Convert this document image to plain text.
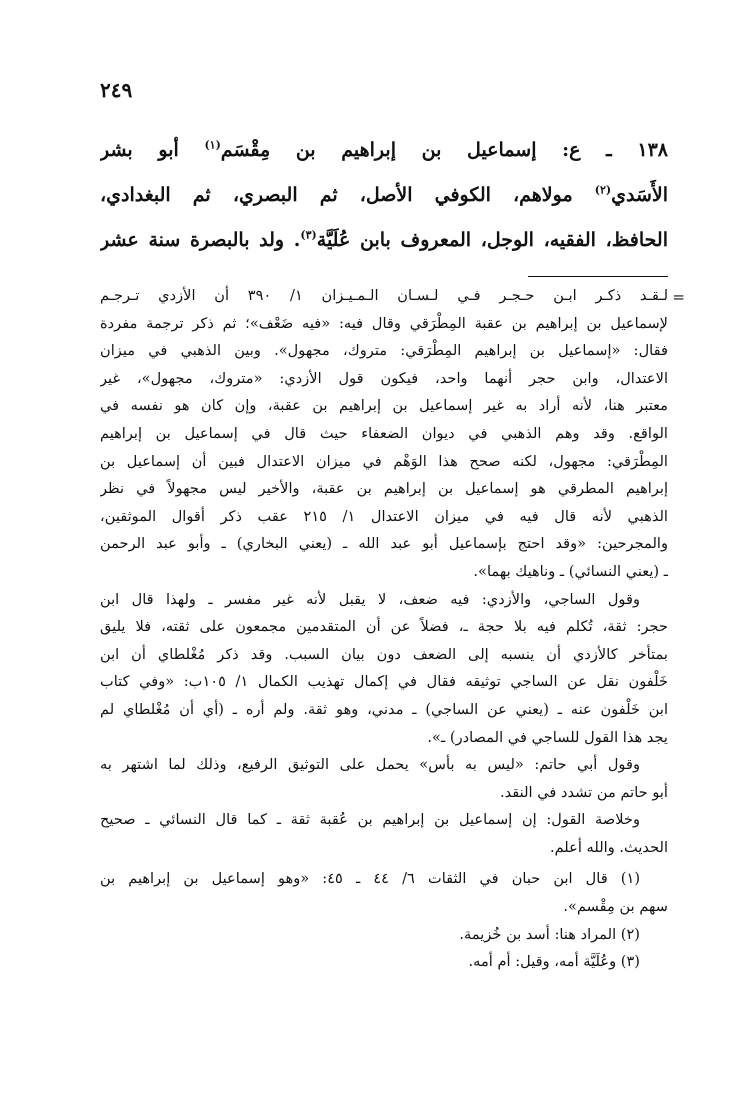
٢٤٩
١٣٨ ـ ع: إسماعيل بن إبراهيم بن مِقْسَم$^{(١)}$ أبو بشر
الأَسَدي$^{(٢)}$ مولاهم، الكوفي الأصل، ثم البصري، ثم البغدادي،
الحافظ، الفقيه، الوجل، المعروف بابن عُلَيَّة$^{(٣)}$. ولد بالبصرة سنة عشر
=
لـقـد ذكـر ابـن حـجـر فـي لـسـان الـمـيـزان ١/ ٣٩٠ أن الأزدي تـرجـم
لإسماعيل بن إبراهيم بن عقبة المِطْرَقي وقال فيه: «فيه ضَعْف»؛ ثم ذكر ترجمة مفردة
فقال: «إسماعيل بن إبراهيم المِطْرَقي: متروك، مجهول». وبين الذهبي في ميزان
الاعتدال، وابن حجر أنهما واحد، فيكون قول الأزدي: «متروك، مجهول»، غير
معتبر هنا، لأنه أراد به غير إسماعيل بن إبراهيم بن عقبة، وإن كان هو نفسه في
الواقع. وقد وهم الذهبي في ديوان الضعفاء حيث قال في إسماعيل بن إبراهيم
المِطْرَقي: مجهول، لكنه صحح هذا الوَهْم في ميزان الاعتدال فبين أن إسماعيل بن
إبراهيم المطرقي هو إسماعيل بن إبراهيم بن عقبة، والأخير ليس مجهولاً في نظر
الذهبي لأنه قال فيه في ميزان الاعتدال ١/ ٢١٥ عقب ذكر أقوال الموثقين،
والمجرحين: «وقد احتج بإسماعيل أبو عبد الله ـ (يعني البخاري) ـ وأبو عبد الرحمن
ـ (يعني النسائي) ـ وناهيك بهما».
وقول الساجي، والأزدي: فيه ضعف، لا يقبل لأنه غير مفسر ـ ولهذا قال ابن
حجر: ثقة، تُكلم فيه بلا حجة ـ، فضلاً عن أن المتقدمين مجمعون على ثقته، فلا يليق
بمتأخر كالأزدي أن ينسبه إلى الضعف دون بيان السبب. وقد ذكر مُغْلطاي أن ابن
خَلْفون نقل عن الساجي توثيقه فقال في إكمال تهذيب الكمال ١/ ١٠٥ب: «وفي كتاب
ابن خَلْفون عنه ـ (يعني عن الساجي) ـ مدني، وهو ثقة. ولم أره ـ (أي أن مُغْلطاي لم
يجد هذا القول للساجي في المصادر) ـ».
وقول أبي حاتم: «ليس به بأس» يحمل على التوثيق الرفيع، وذلك لما اشتهر به
أبو حاتم من تشدد في النقد.
وخلاصة القول: إن إسماعيل بن إبراهيم بن عُقبة ثقة ـ كما قال النسائي ـ صحيح
الحديث. والله أعلم.
(١) قال ابن حبان في الثقات ٦/ ٤٤ ـ ٤٥: «وهو إسماعيل بن إبراهيم بن
سهم بن مِقْسم».
(٢) المراد هنا: أسد بن خُزيمة.
(٣) وعُلَيَّة أمه، وقيل: أم أمه.
